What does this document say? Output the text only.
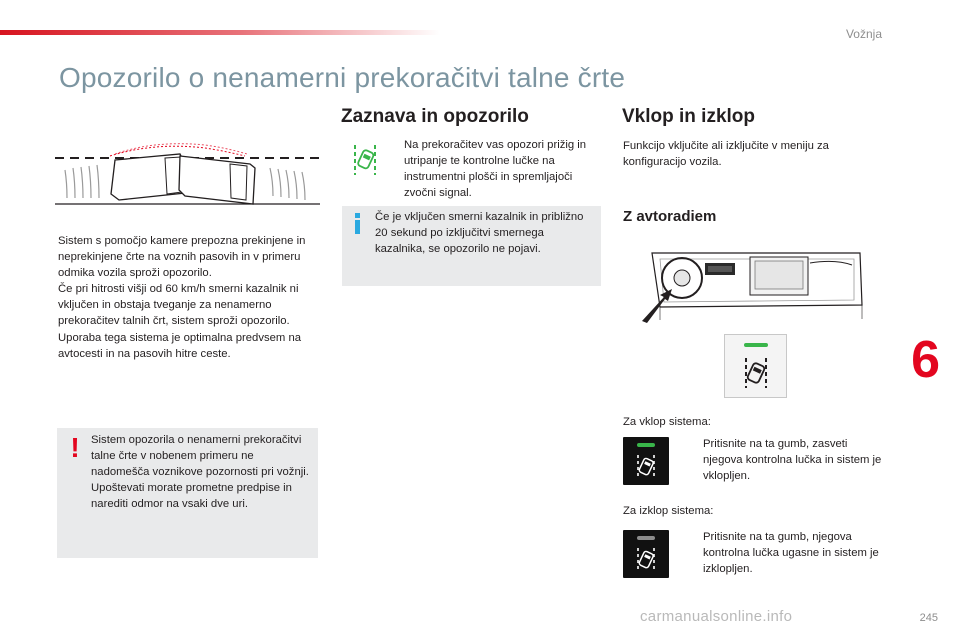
Vožnja
Opozorilo o nenamerni prekoračitvi talne črte
Sistem s pomočjo kamere prepozna prekinjene in neprekinjene črte na voznih pasovih in v primeru odmika vozila sproži opozorilo.
Če pri hitrosti višji od 60 km/h smerni kazalnik ni vključen in obstaja tveganje za nenamerno prekoračitev talnih črt, sistem sproži opozorilo.
Uporaba tega sistema je optimalna predvsem na avtocesti in na pasovih hitre ceste.
! Sistem opozorila o nenamerni prekoračitvi talne črte v nobenem primeru ne nadomešča voznikove pozornosti pri vožnji.
Upoštevati morate prometne predpise in narediti odmor na vsaki dve uri.
Zaznava in opozorilo
Na prekoračitev vas opozori prižig in utripanje te kontrolne lučke na instrumentni plošči in spremljajoči zvočni signal.
Če je vključen smerni kazalnik in približno 20 sekund po izključitvi smernega kazalnika, se opozorilo ne pojavi.
Vklop in izklop
Funkcijo vključite ali izključite v meniju za konfiguracijo vozila.
Z avtoradiem
Za vklop sistema:
Pritisnite na ta gumb, zasveti njegova kontrolna lučka in sistem je vklopljen.
Za izklop sistema:
Pritisnite na ta gumb, njegova kontrolna lučka ugasne in sistem je izklopljen.
6
carmanualsonline.info	245
